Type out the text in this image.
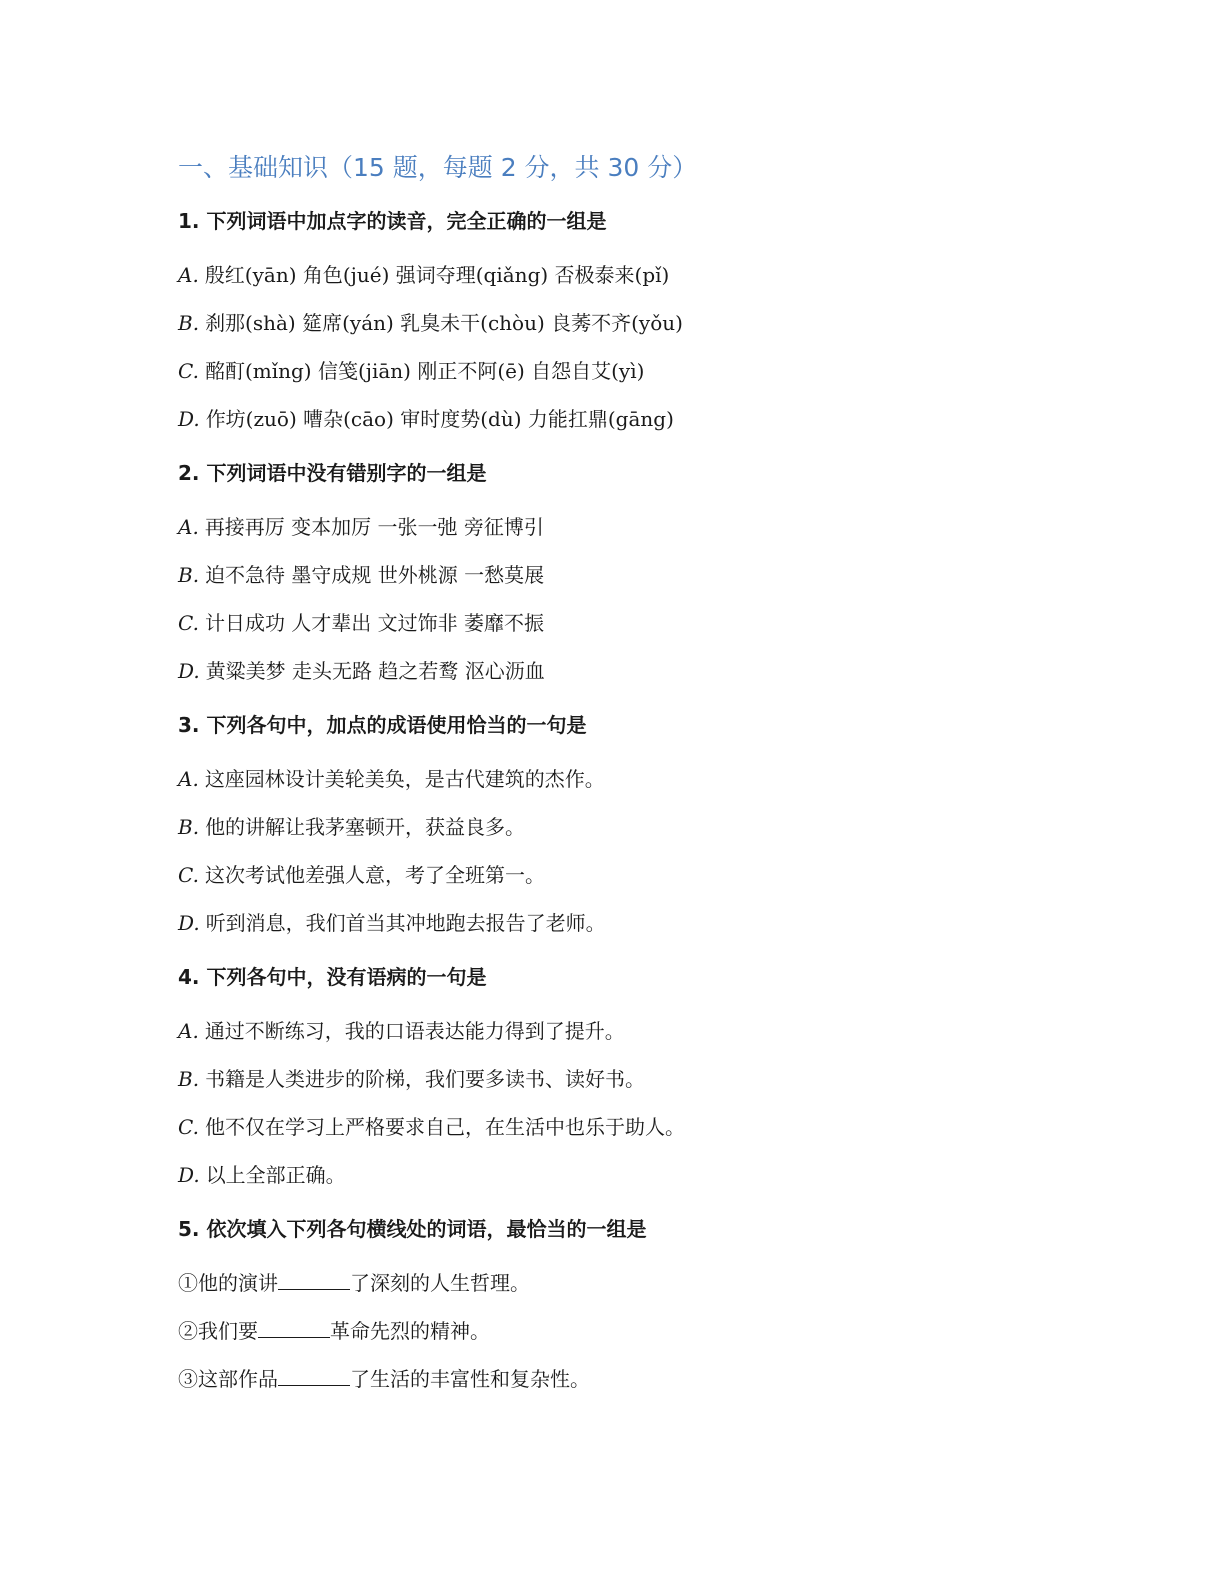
一、基础知识（15 题，每题 2 分，共 30 分）
1. 下列词语中加点字的读音，完全正确的一组是
A. 殷红(yān) 角色(jué) 强词夺理(qiǎng) 否极泰来(pǐ)
B. 刹那(shà) 筵席(yán) 乳臭未干(chòu) 良莠不齐(yǒu)
C. 酩酊(mǐng) 信笺(jiān) 刚正不阿(ē) 自怨自艾(yì)
D. 作坊(zuō) 嘈杂(cāo) 审时度势(dù) 力能扛鼎(gāng)
2. 下列词语中没有错别字的一组是
A. 再接再厉 变本加厉 一张一弛 旁征博引
B. 迫不急待 墨守成规 世外桃源 一愁莫展
C. 计日成功 人才辈出 文过饰非 萎靡不振
D. 黄粱美梦 走头无路 趋之若鹜 沤心沥血
3. 下列各句中，加点的成语使用恰当的一句是
A. 这座园林设计美轮美奂，是古代建筑的杰作。
B. 他的讲解让我茅塞顿开，获益良多。
C. 这次考试他差强人意，考了全班第一。
D. 听到消息，我们首当其冲地跑去报告了老师。
4. 下列各句中，没有语病的一句是
A. 通过不断练习，我的口语表达能力得到了提升。
B. 书籍是人类进步的阶梯，我们要多读书、读好书。
C. 他不仅在学习上严格要求自己，在生活中也乐于助人。
D. 以上全部正确。
5. 依次填入下列各句横线处的词语，最恰当的一组是
①他的演讲	了深刻的人生哲理。
②我们要	革命先烈的精神。
③这部作品	了生活的丰富性和复杂性。
